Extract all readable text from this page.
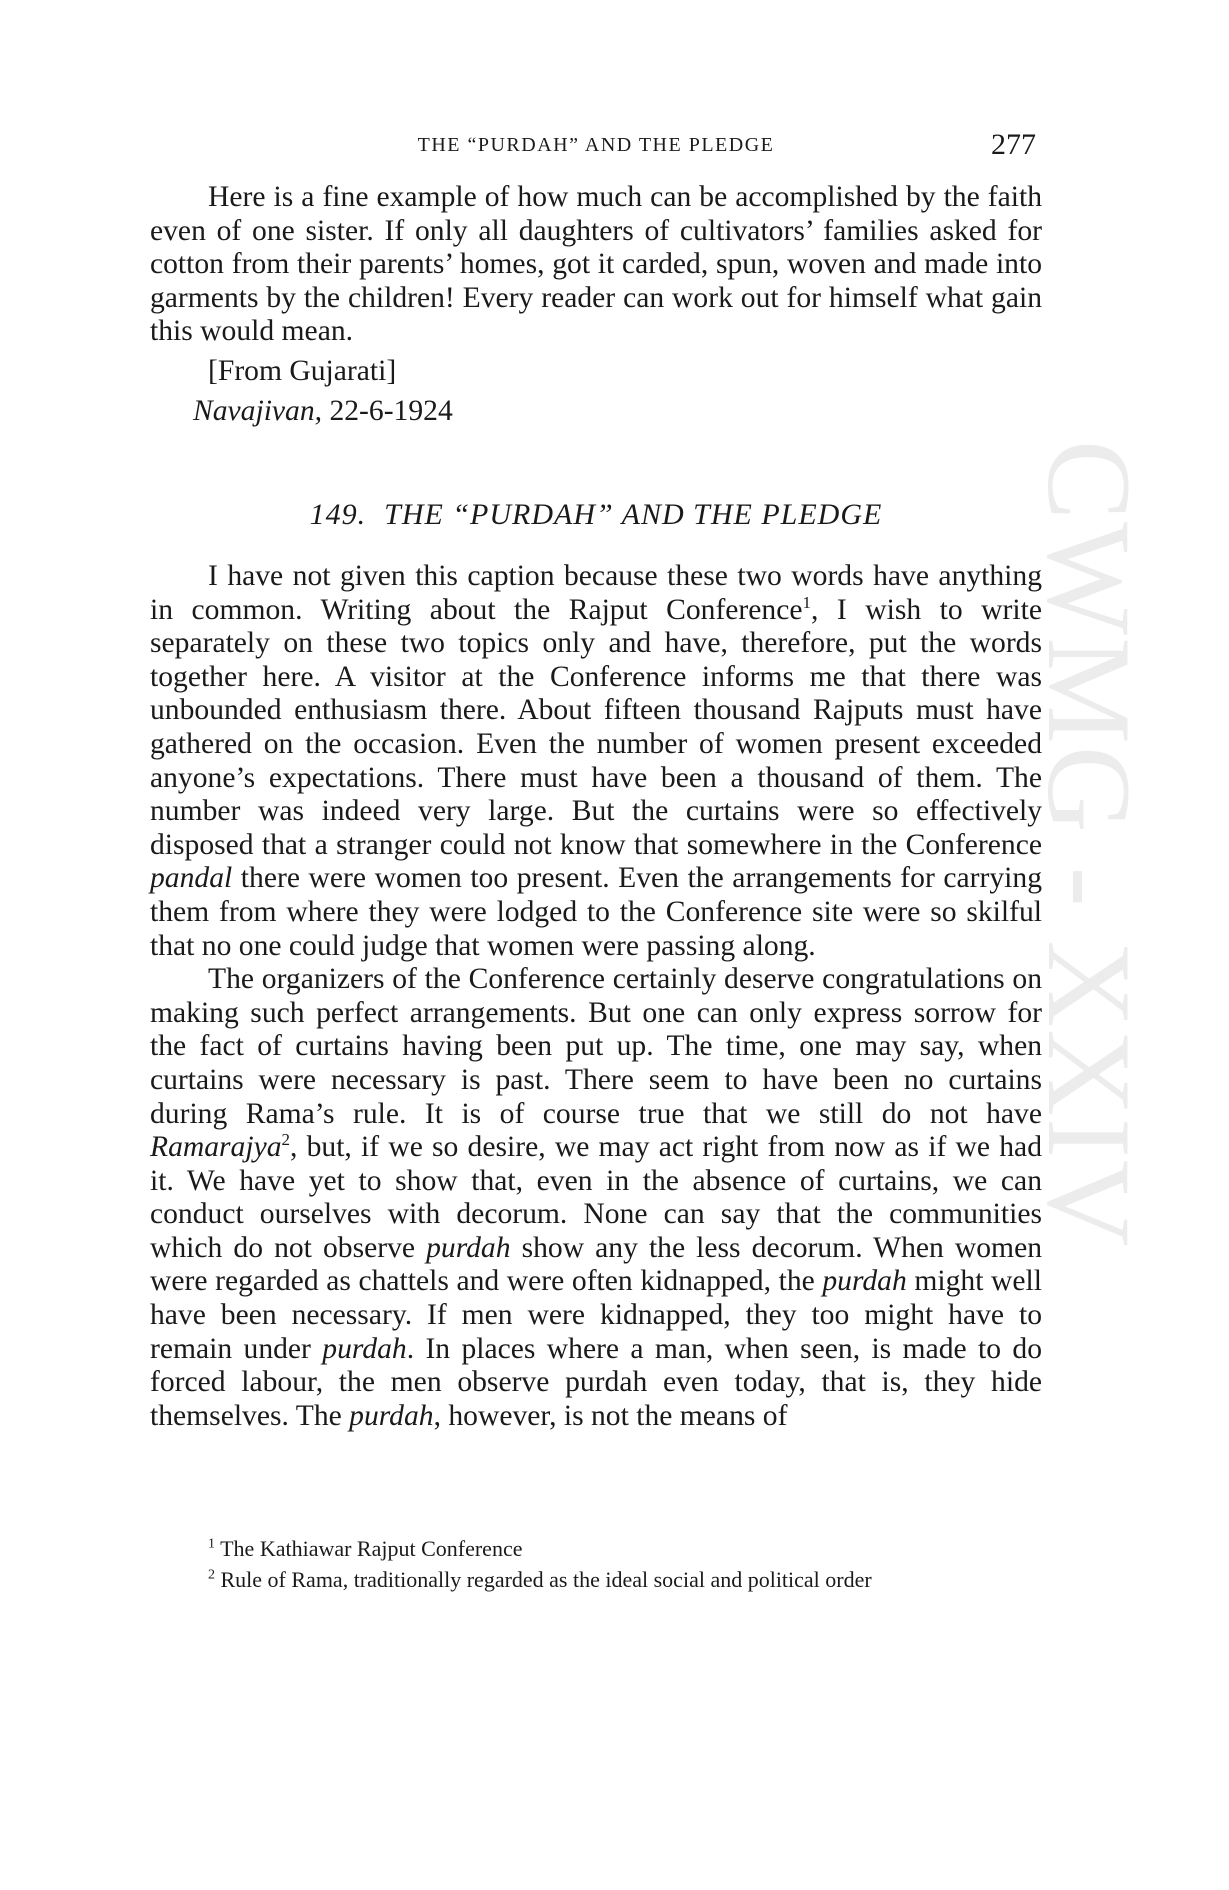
CWMG - XXIV
THE “PURDAH” AND THE PLEDGE	277

Here is a fine example of how much can be accomplished by the faith even of one sister. If only all daughters of cultivators’ families asked for cotton from their parents’ homes, got it carded, spun, woven and made into garments by the children! Every reader can work out for himself what gain this would mean.

[From Gujarati]
Navajivan, 22-6-1924
149. THE “PURDAH” AND THE PLEDGE

I have not given this caption because these two words have anything in common. Writing about the Rajput Conference$^1$, I wish to write separately on these two topics only and have, therefore, put the words together here. A visitor at the Conference informs me that there was unbounded enthusiasm there. About fifteen thousand Rajputs must have gathered on the occasion. Even the number of women present exceeded anyone’s expectations. There must have been a thousand of them. The number was indeed very large. But the curtains were so effectively disposed that a stranger could not know that somewhere in the Conference pandal there were women too present. Even the arrangements for carrying them from where they were lodged to the Conference site were so skilful that no one could judge that women were passing along.

The organizers of the Conference certainly deserve congratulations on making such perfect arrangements. But one can only express sorrow for the fact of curtains having been put up. The time, one may say, when curtains were necessary is past. There seem to have been no curtains during Rama’s rule. It is of course true that we still do not have Ramarajya$^2$, but, if we so desire, we may act right from now as if we had it. We have yet to show that, even in the absence of curtains, we can conduct ourselves with decorum. None can say that the communities which do not observe purdah show any the less decorum. When women were regarded as chattels and were often kidnapped, the purdah might well have been necessary. If men were kidnapped, they too might have to remain under purdah. In places where a man, when seen, is made to do forced labour, the men observe purdah even today, that is, they hide themselves. The purdah, however, is not the means of

$^1$ The Kathiawar Rajput Conference

$^2$ Rule of Rama, traditionally regarded as the ideal social and political order
